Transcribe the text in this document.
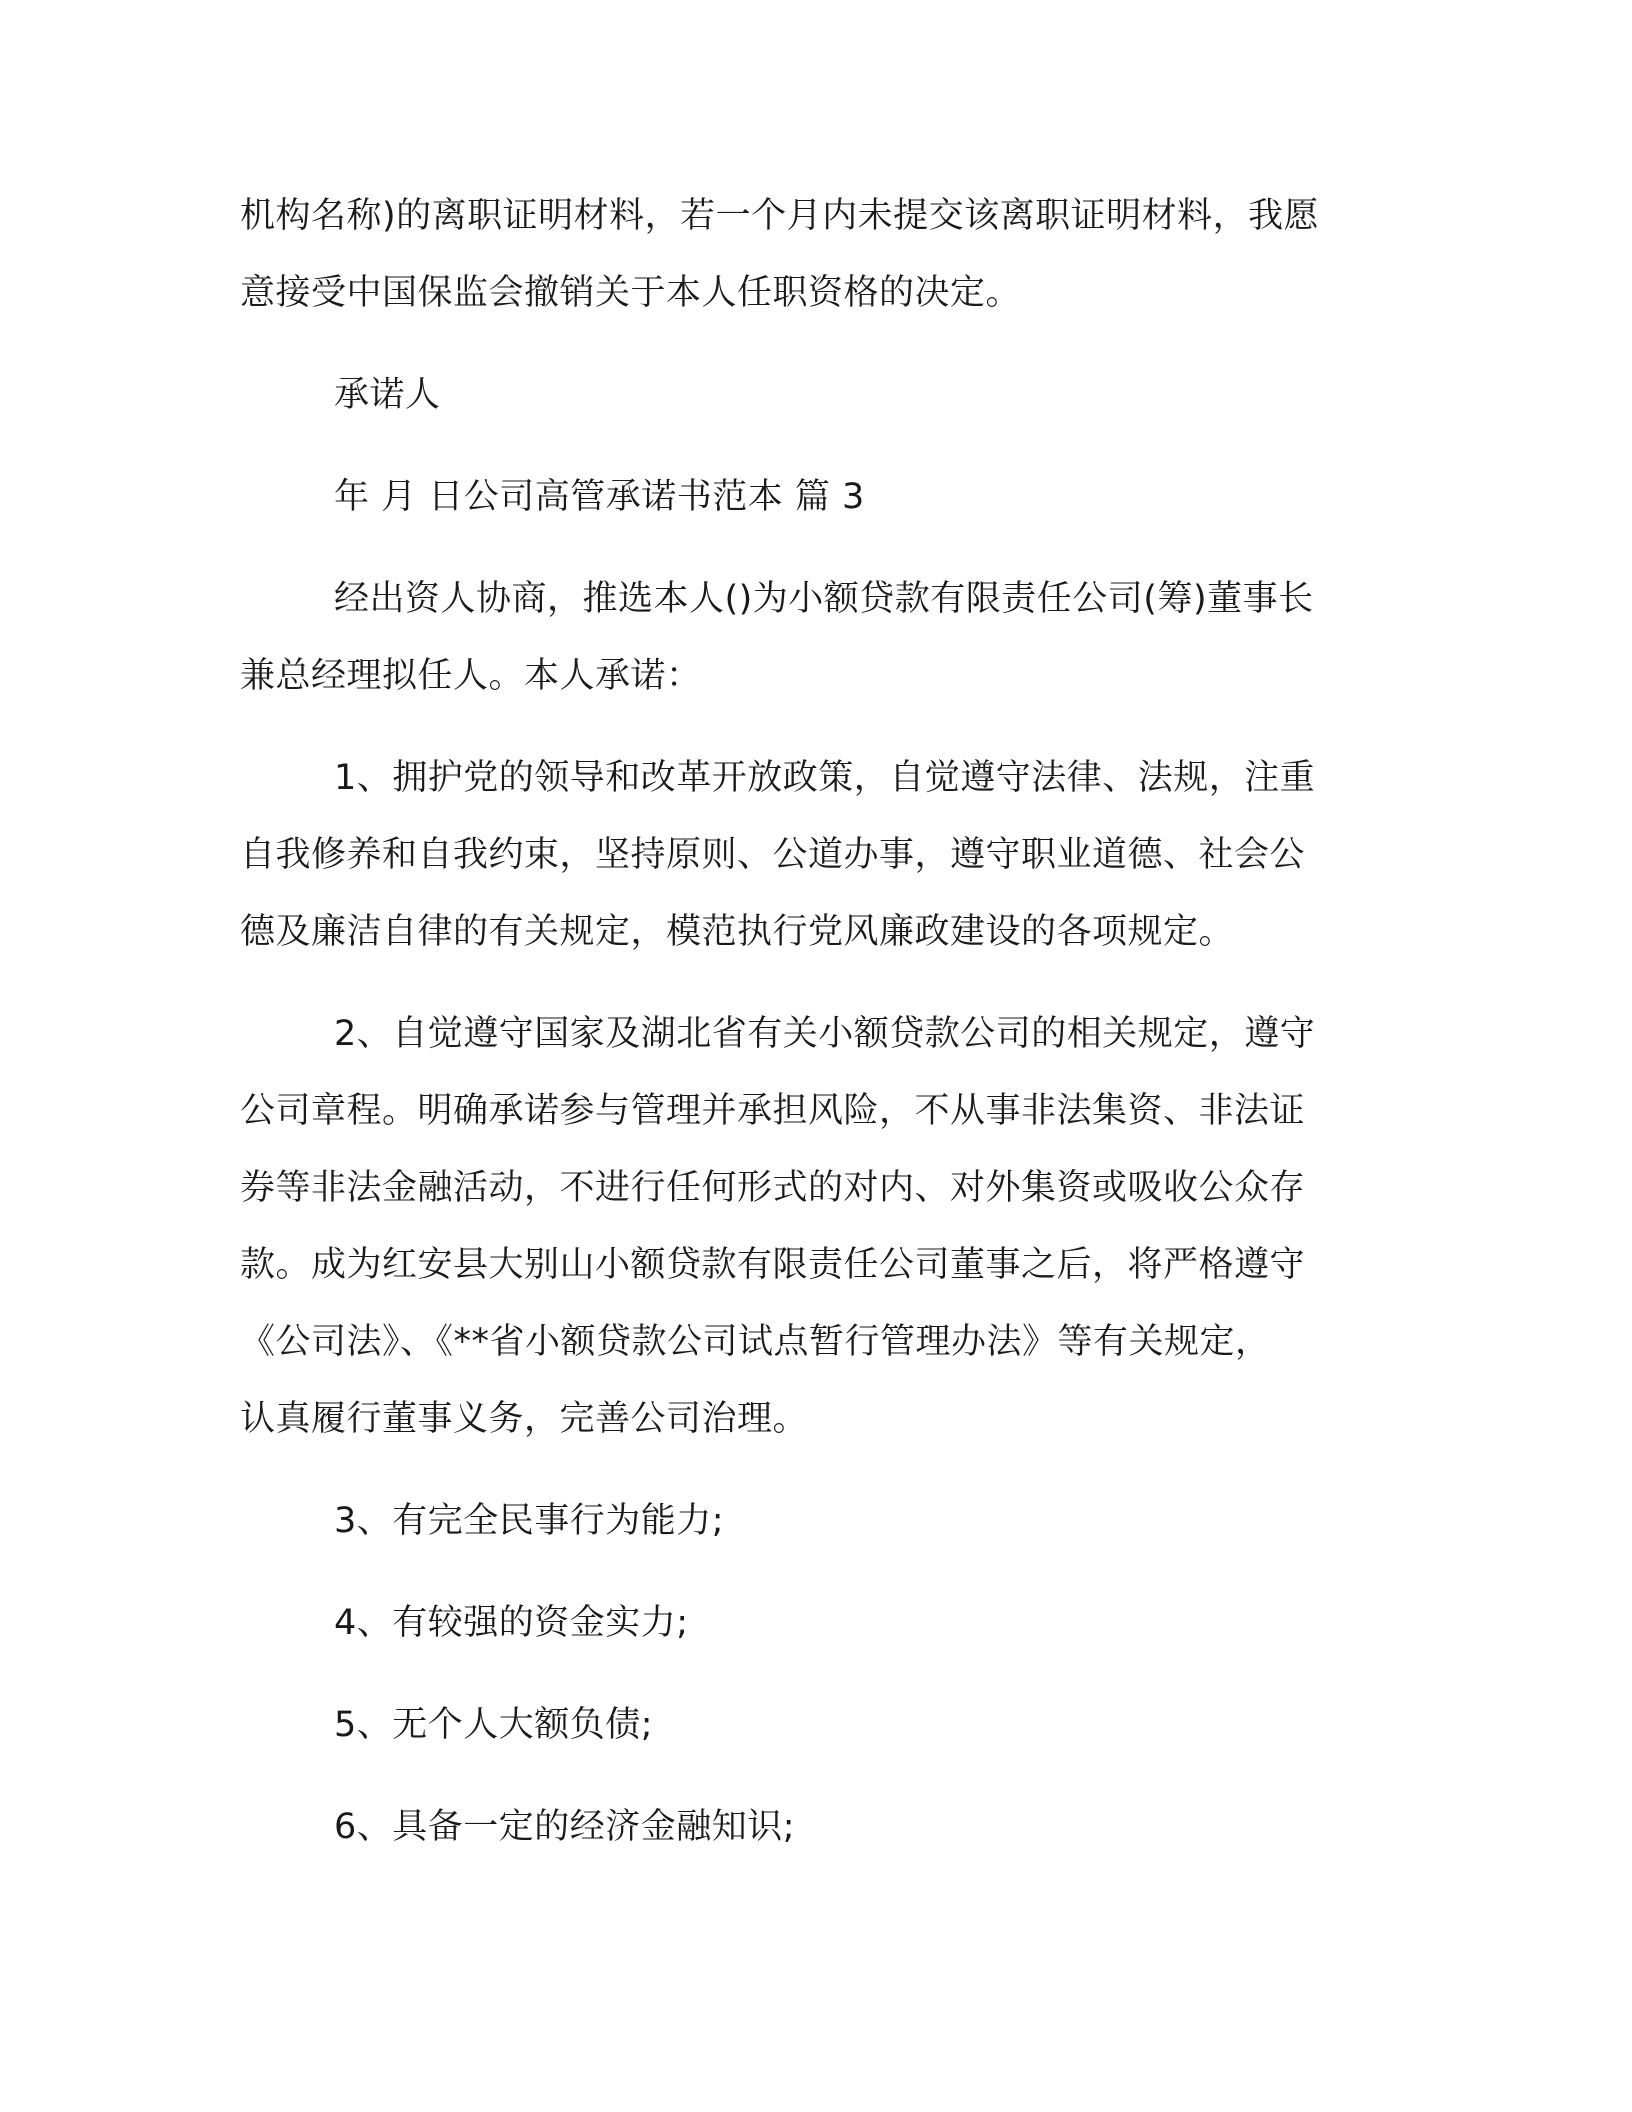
机构名称)的离职证明材料，若一个月内未提交该离职证明材料，我愿
意接受中国保监会撤销关于本人任职资格的决定。
承诺人
年 月 日公司高管承诺书范本 篇 3
经出资人协商，推选本人()为小额贷款有限责任公司(筹)董事长
兼总经理拟任人。本人承诺：
1、拥护党的领导和改革开放政策，自觉遵守法律、法规，注重
自我修养和自我约束，坚持原则、公道办事，遵守职业道德、社会公
德及廉洁自律的有关规定，模范执行党风廉政建设的各项规定。
2、自觉遵守国家及湖北省有关小额贷款公司的相关规定，遵守
公司章程。明确承诺参与管理并承担风险，不从事非法集资、非法证
券等非法金融活动，不进行任何形式的对内、对外集资或吸收公众存
款。成为红安县大别山小额贷款有限责任公司董事之后，将严格遵守
《公司法》、《**省小额贷款公司试点暂行管理办法》等有关规定，
认真履行董事义务，完善公司治理。
3、有完全民事行为能力;
4、有较强的资金实力;
5、无个人大额负债;
6、具备一定的经济金融知识;
